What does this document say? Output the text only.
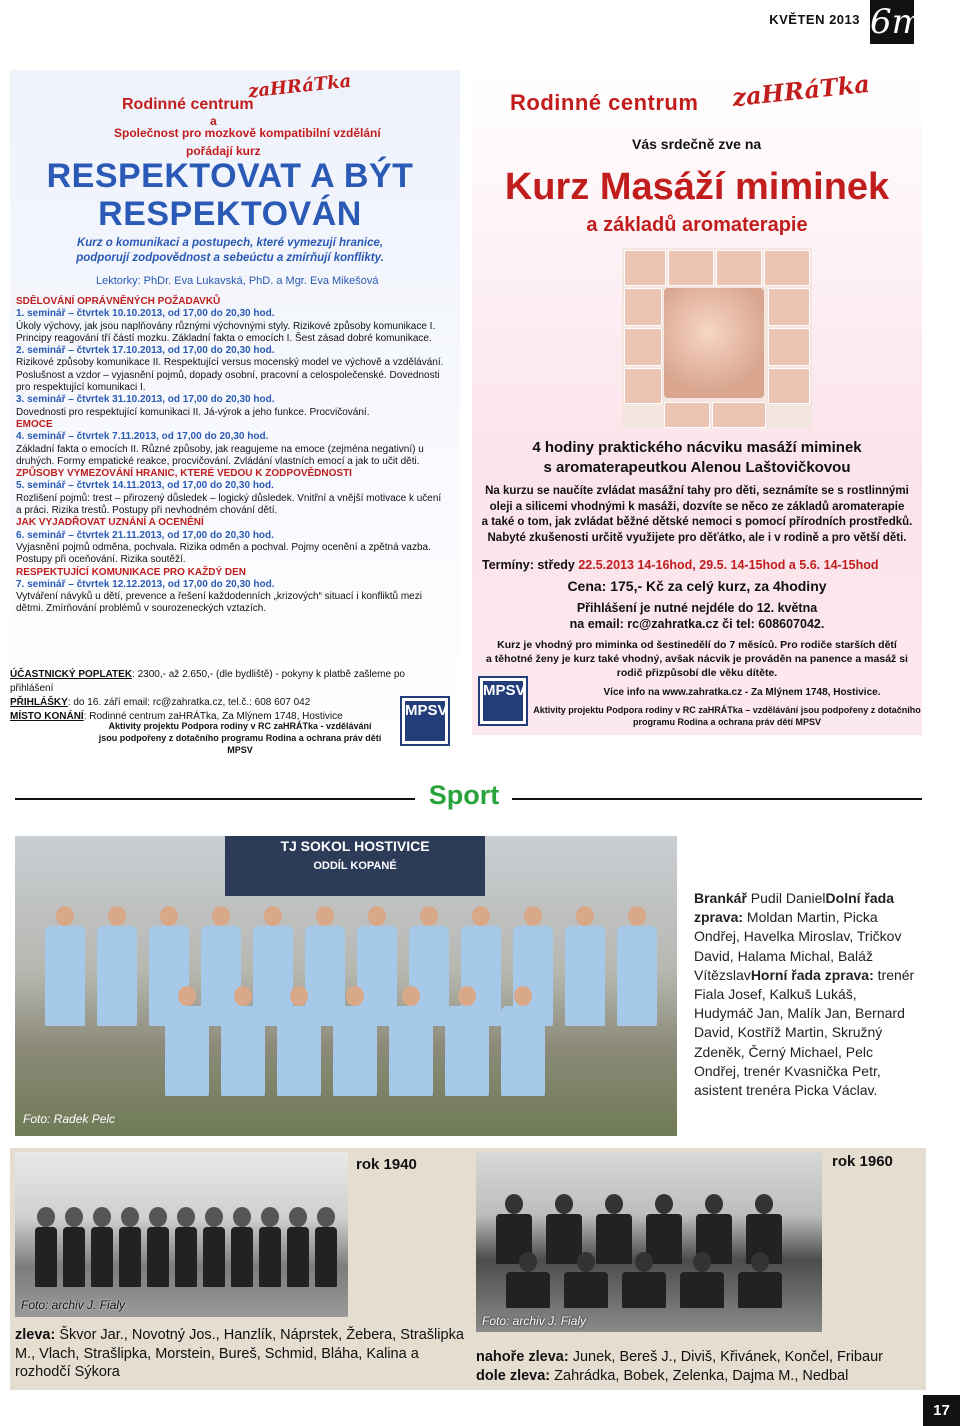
KVĚTEN 2013 6m
Rodinné centrum
zaHRáTka
a
Společnost pro mozkově kompatibilní vzdělání
pořádají kurz
RESPEKTOVAT A BÝT
RESPEKTOVÁN
Kurz o komunikaci a postupech, které vymezují hranice,
podporují zodpovědnost a sebeúctu a zmírňují konflikty.
Lektorky: PhDr. Eva Lukavská, PhD. a Mgr. Eva Mikešová
SDĚLOVÁNÍ OPRÁVNĚNÝCH POŽADAVKŮ
1. seminář – čtvrtek 10.10.2013, od 17,00 do 20,30 hod.
Úkoly výchovy, jak jsou naplňovány různými výchovnými styly. Rizikové způsoby komunikace I. Principy reagování tří částí mozku. Základní fakta o emocích I. Šest zásad dobré komunikace.
2. seminář – čtvrtek 17.10.2013, od 17,00 do 20,30 hod.
Rizikové způsoby komunikace II. Respektující versus mocenský model ve výchově a vzdělávání. Poslušnost a vzdor – vyjasnění pojmů, dopady osobní, pracovní a celospolečenské. Dovednosti pro respektující komunikaci I.
3. seminář – čtvrtek 31.10.2013, od 17,00 do 20,30 hod.
Dovednosti pro respektující komunikaci II. Já-výrok a jeho funkce. Procvičování.
EMOCE
4. seminář – čtvrtek 7.11.2013, od 17,00 do 20,30 hod.
Základní fakta o emocích II. Různé způsoby, jak reagujeme na emoce (zejména negativní) u druhých. Formy empatické reakce, procvičování. Zvládání vlastních emocí a jak to učit děti.
ZPŮSOBY VYMEZOVÁNÍ HRANIC, KTERÉ VEDOU K ZODPOVĚDNOSTI
5. seminář – čtvrtek 14.11.2013, od 17,00 do 20,30 hod.
Rozlišení pojmů: trest – přirozený důsledek – logický důsledek. Vnitřní a vnější motivace k učení a práci. Rizika trestů. Postupy při nevhodném chování dětí.
JAK VYJADŘOVAT UZNÁNÍ A OCENĚNÍ
6. seminář – čtvrtek 21.11.2013, od 17,00 do 20,30 hod.
Vyjasnění pojmů odměna, pochvala. Rizika odměn a pochval. Pojmy ocenění a zpětná vazba. Postupy při oceňování. Rizika soutěží.
RESPEKTUJÍCÍ KOMUNIKACE PRO KAŽDÝ DEN
7. seminář – čtvrtek 12.12.2013, od 17,00 do 20,30 hod.
Vytváření návyků u dětí, prevence a řešení každodenních „krizových“ situací i konfliktů mezi dětmi. Zmírňování problémů v sourozeneckých vztazích.
ÚČASTNICKÝ POPLATEK: 2300,- až 2.650,- (dle bydliště) - pokyny k platbě zašleme po přihlášení
PŘIHLÁŠKY: do 16. září email: rc@zahratka.cz, tel.č.: 608 607 042
MÍSTO KONÁNÍ: Rodinné centrum zaHRÁTka, Za Mlýnem 1748, Hostivice
Aktivity projektu Podpora rodiny v RC zaHRÁTka - vzdělávání
jsou podpořeny z dotačního programu Rodina a ochrana práv dětí MPSV
MPSV
Rodinné centrum zaHRáTka
Vás srdečně zve na
Kurz Masáží miminek
a základů aromaterapie
4 hodiny praktického nácviku masáží miminek
s aromaterapeutkou Alenou Laštovičkovou
Na kurzu se naučíte zvládat masážní tahy pro děti, seznámíte se s rostlinnými
oleji a silicemi vhodnými k masáži, dozvíte se něco ze základů aromaterapie
a také o tom, jak zvládat běžné dětské nemoci s pomocí přírodních prostředků.
Nabyté zkušenosti určitě využijete pro děťátko, ale i v rodině a pro větší děti.
Termíny: středy 22.5.2013 14-16hod, 29.5. 14-15hod a 5.6. 14-15hod
Cena: 175,- Kč za celý kurz, za 4hodiny
Přihlášení je nutné nejdéle do 12. května
na email: rc@zahratka.cz či tel: 608607042.
Kurz je vhodný pro miminka od šestinedělí do 7 měsíců. Pro rodiče starších dětí
a těhotné ženy je kurz také vhodný, avšak nácvik je prováděn na panence a masáž si
rodič přizpůsobí dle věku dítěte.
MPSV	Více info na www.zahratka.cz - Za Mlýnem 1748, Hostivice.
Aktivity projektu Podpora rodiny v RC zaHRÁTka – vzdělávání jsou podpořeny z dotačního
programu Rodina a ochrana práv dětí MPSV
Sport
TJ SOKOL HOSTIVICE
ODDÍL KOPANÉ
Foto: Radek Pelc
Brankář Pudil DanielDolní řada zprava: Moldan Martin, Picka Ondřej, Havelka Miroslav, Tričkov David, Halama Michal, Baláž VítězslavHorní řada zprava: trenér Fiala Josef, Kalkuš Lukáš, Hudymáč Jan, Malík Jan, Bernard David, Kostříž Martin, Skružný Zdeněk, Černý Michael, Pelc Ondřej, trenér Kvasnička Petr, asistent trenéra Picka Václav.
Foto: archiv J. Fialy
rok 1940
Foto: archiv J. Fialy
rok 1960
zleva: Škvor Jar., Novotný Jos., Hanzlík, Náprstek, Žebera, Strašlipka M., Vlach, Strašlipka, Morstein, Bureš, Schmid, Bláha, Kalina a rozhodčí Sýkora
nahoře zleva: Junek, Bereš J., Diviš, Křivánek, Končel, Fribaur
dole zleva: Zahrádka, Bobek, Zelenka, Dajma M., Nedbal
17
